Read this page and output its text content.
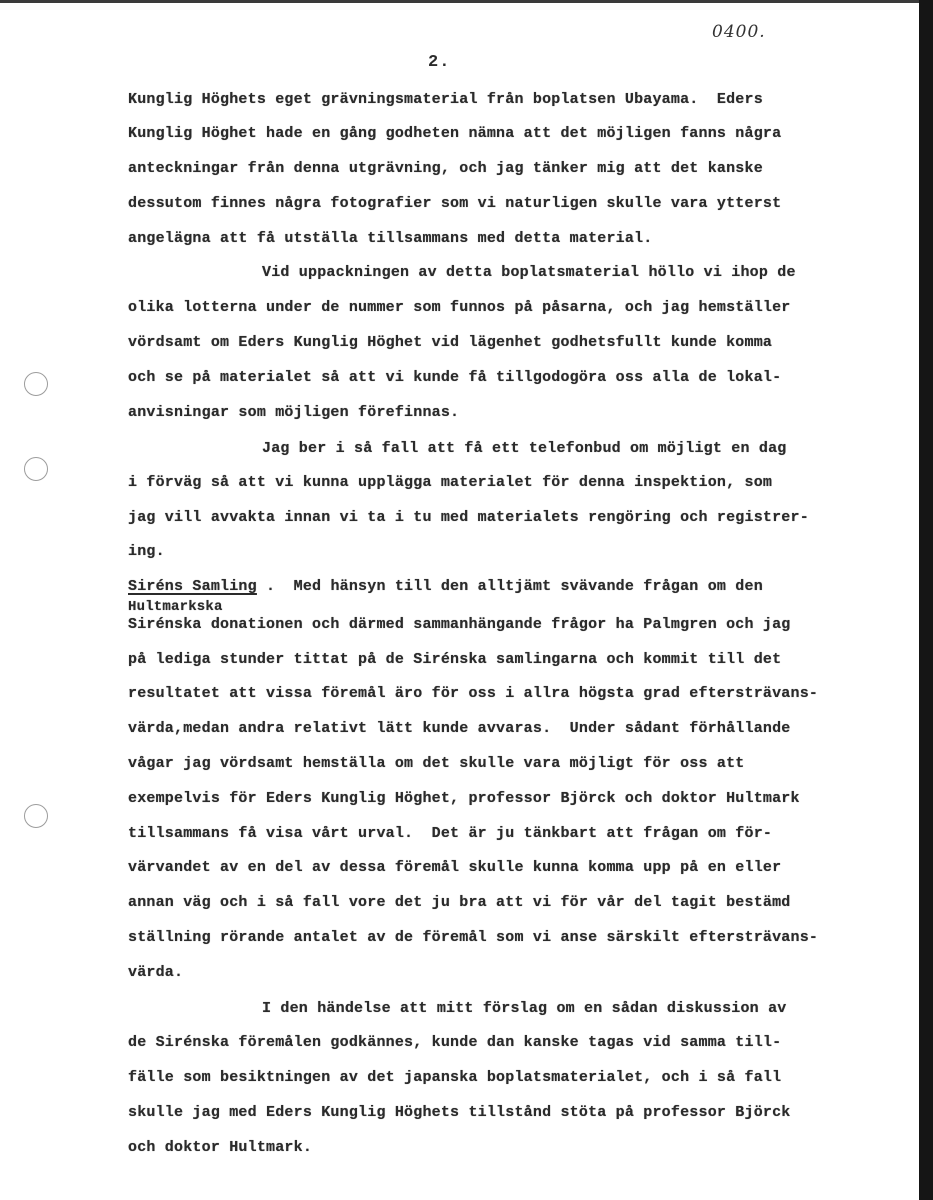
0400.
2.
Kunglig Höghets eget grävningsmaterial från boplatsen Ubayama.  Eders
Kunglig Höghet hade en gång godheten nämna att det möjligen fanns några
anteckningar från denna utgrävning, och jag tänker mig att det kanske
dessutom finnes några fotografier som vi naturligen skulle vara ytterst
angelägna att få utställa tillsammans med detta material.
Vid uppackningen av detta boplatsmaterial höllo vi ihop de
olika lotterna under de nummer som funnos på påsarna, och jag hemställer
vördsamt om Eders Kunglig Höghet vid lägenhet godhetsfullt kunde komma
och se på materialet så att vi kunde få tillgodogöra oss alla de lokal-
anvisningar som möjligen förefinnas.
Jag ber i så fall att få ett telefonbud om möjligt en dag
i förväg så att vi kunna upplägga materialet för denna inspektion, som
jag vill avvakta innan vi ta i tu med materialets rengöring och registrer-
ing.
Siréns Samling .  Med hänsyn till den alltjämt svävande frågan om den
Hultmarkska
Sirénska donationen och därmed sammanhängande frågor ha Palmgren och jag
på lediga stunder tittat på de Sirénska samlingarna och kommit till det
resultatet att vissa föremål äro för oss i allra högsta grad eftersträvans-
värda,medan andra relativt lätt kunde avvaras.  Under sådant förhållande
vågar jag vördsamt hemställa om det skulle vara möjligt för oss att
exempelvis för Eders Kunglig Höghet, professor Björck och doktor Hultmark
tillsammans få visa vårt urval.  Det är ju tänkbart att frågan om för-
värvandet av en del av dessa föremål skulle kunna komma upp på en eller
annan väg och i så fall vore det ju bra att vi för vår del tagit bestämd
ställning rörande antalet av de föremål som vi anse särskilt eftersträvans-
värda.
I den händelse att mitt förslag om en sådan diskussion av
de Sirénska föremålen godkännes, kunde dan kanske tagas vid samma till-
fälle som besiktningen av det japanska boplatsmaterialet, och i så fall
skulle jag med Eders Kunglig Höghets tillstånd stöta på professor Björck
och doktor Hultmark.
